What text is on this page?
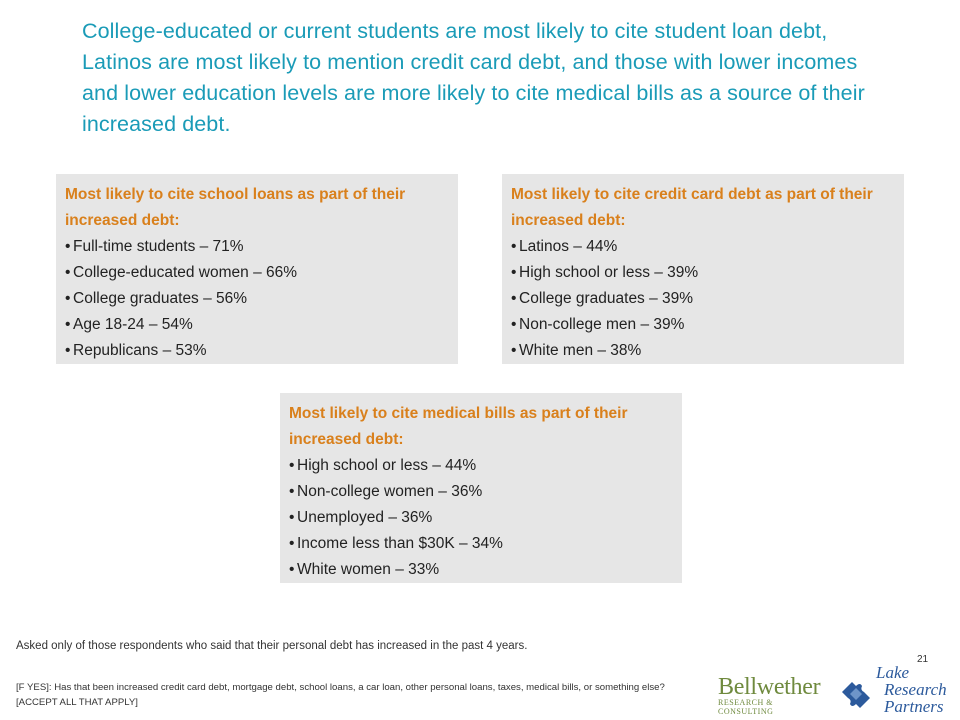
College-educated or current students are most likely to cite student loan debt, Latinos are most likely to mention credit card debt, and those with lower incomes and lower education levels are more likely to cite medical bills as a source of their increased debt.
Most likely to cite school loans as part of their increased debt:
• Full-time students – 71%
• College-educated women – 66%
• College graduates – 56%
• Age 18-24 – 54%
• Republicans – 53%
Most likely to cite credit card debt as part of their increased debt:
• Latinos – 44%
• High school or less – 39%
• College graduates – 39%
• Non-college men – 39%
• White men – 38%
Most likely to cite medical bills as part of their increased debt:
• High school or less – 44%
• Non-college women – 36%
• Unemployed – 36%
• Income less than $30K – 34%
• White women – 33%
Asked only of those respondents who said that their personal debt has increased in the past 4 years.
[F YES]: Has that been increased credit card debt, mortgage debt, school loans, a car loan, other personal loans, taxes, medical bills, or something else? [ACCEPT ALL THAT APPLY]
21
Bellwether
RESEARCH & CONSULTING
Lake
Research
Partners
